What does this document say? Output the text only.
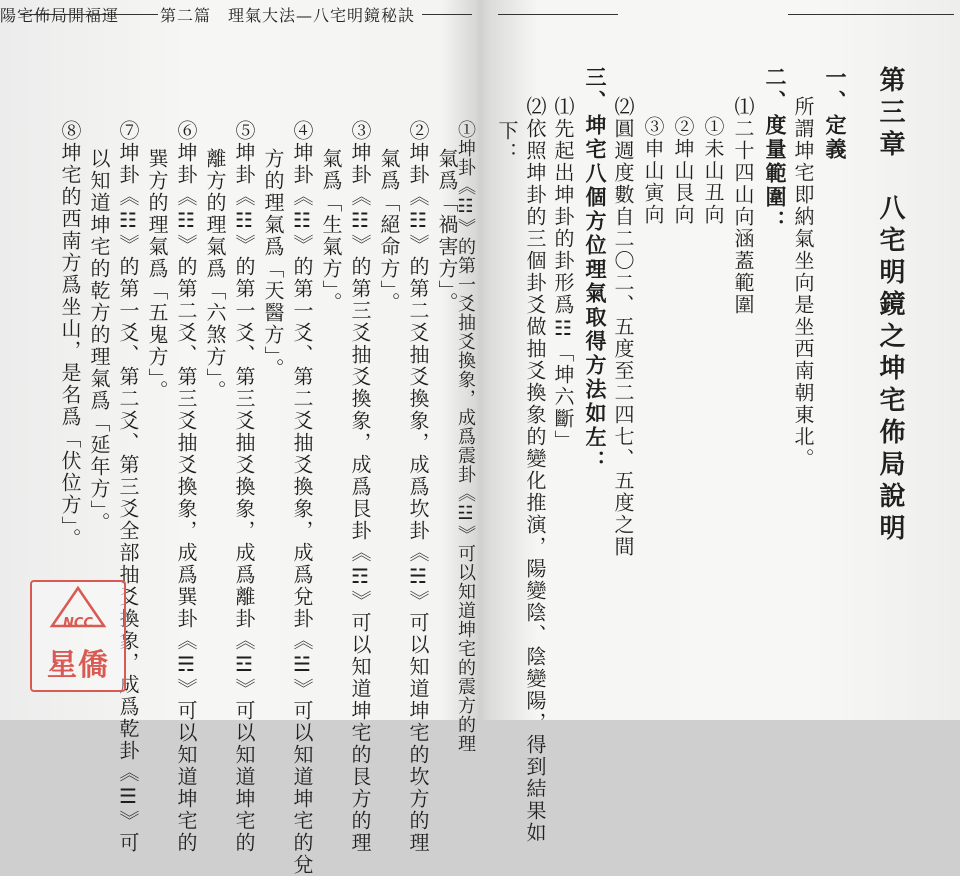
第二篇　理氣大法—八宅明鏡秘訣
⑧坤宅的西南方爲坐山，是名爲「伏位方」。 以知道坤宅的乾方的理氣爲「延年方」。 ⑦坤卦《☷》的第一爻、第二爻、第三爻全部抽爻換象，成爲乾卦《☰》可 巽方的理氣爲「五鬼方」。 ⑥坤卦《☷》的第二爻、第三爻抽爻換象，成爲巽卦《☴》可以知道坤宅的 離方的理氣爲「六煞方」。 ⑤坤卦《☷》的第一爻、第三爻抽爻換象，成爲離卦《☲》可以知道坤宅的 方的理氣爲「天醫方」。 ④坤卦《☷》的第一爻、第二爻抽爻換象，成爲兌卦《☱》可以知道坤宅的兌 氣爲「生氣方」。 ③坤卦《☷》的第三爻抽爻換象，成爲艮卦《☶》可以知道坤宅的艮方的理 氣爲「絕命方」。 ②坤卦《☷》的第二爻抽爻換象，成爲坎卦《☵》可以知道坤宅的坎方的理 氣爲「禍害方」。
①坤卦《☷》的第一爻抽爻換象，成爲震卦《☳》可以知道坤宅的震方的理
陽宅佈局開福運
第三章　八宅明鏡之坤宅佈局說明
一、定義
所謂坤宅即納氣坐向是坐西南朝東北。
二、度量範圍：
⑴二十四山向涵蓋範圍
①未山丑向
②坤山艮向
③申山寅向
⑵圓週度數自二〇二、五度至二四七、五度之間
三、坤宅八個方位理氣取得方法如左：
⑴先起出坤卦的卦形爲☷「坤六斷」
⑵依照坤卦的三個卦爻做抽爻換象的變化推演，陽變陰、陰變陽，得到結果如
下：
NCC
星僑
